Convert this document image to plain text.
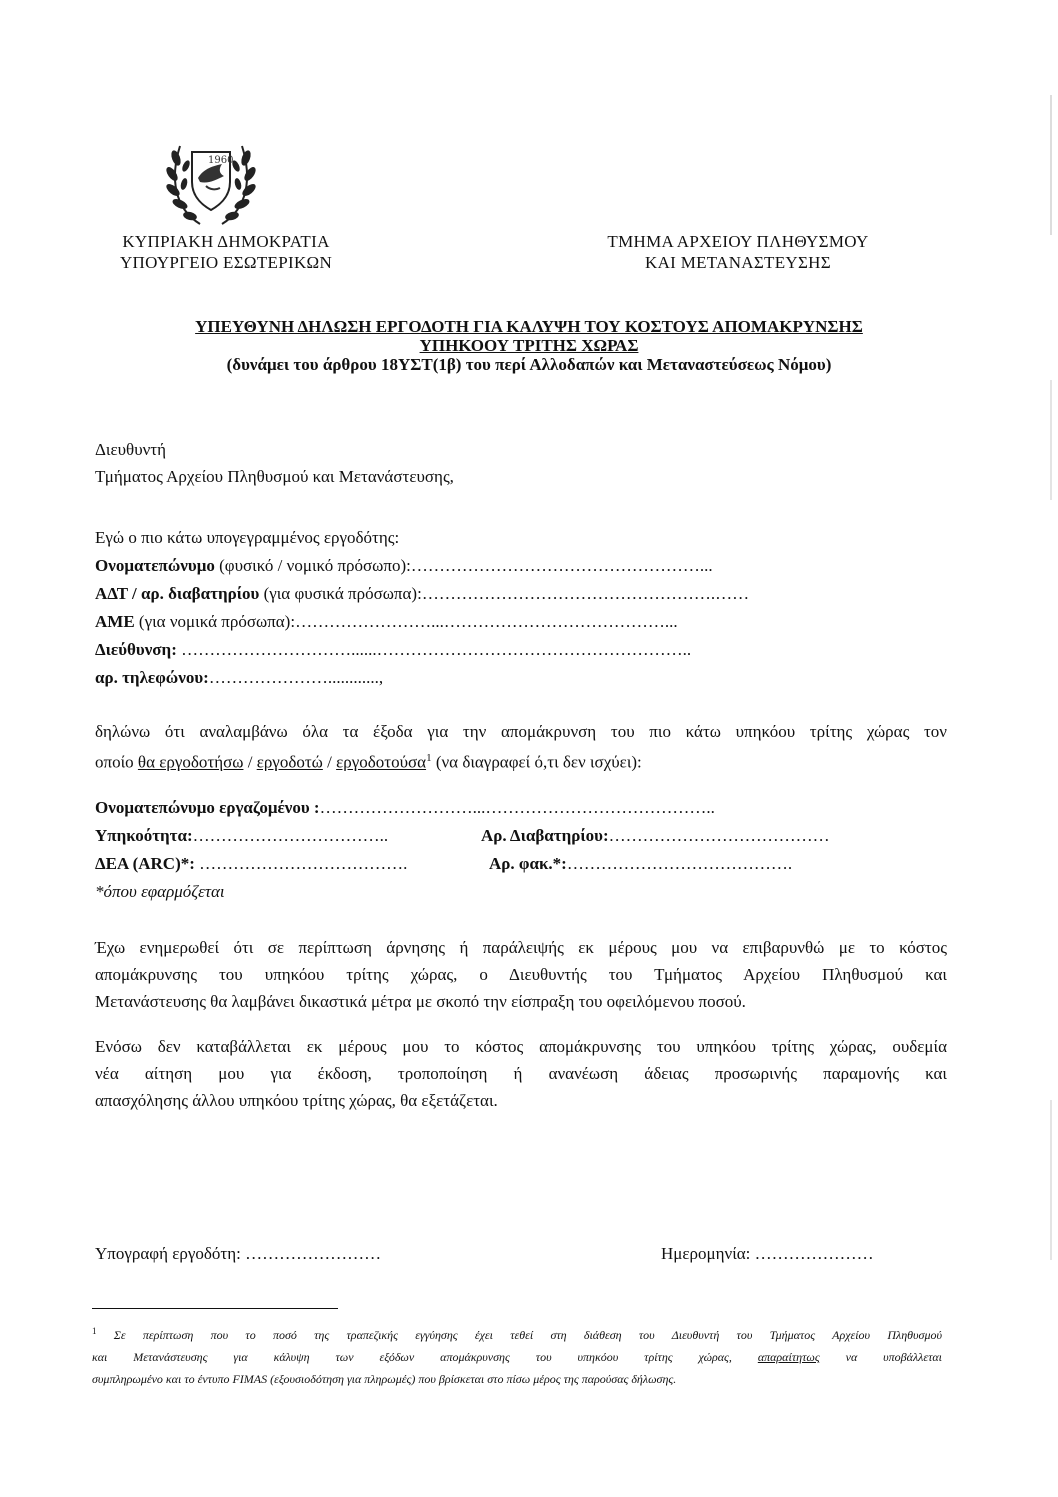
1960
ΚΥΠΡΙΑΚΗ ΔΗΜΟΚΡΑΤΙΑ
ΥΠΟΥΡΓΕΙΟ ΕΣΩΤΕΡΙΚΩΝ
ΤΜΗΜΑ ΑΡΧΕΙΟΥ ΠΛΗΘΥΣΜΟΥ
ΚΑΙ ΜΕΤΑΝΑΣΤΕΥΣΗΣ
ΥΠΕΥΘΥΝΗ ΔΗΛΩΣΗ ΕΡΓΟΔΟΤΗ ΓΙΑ ΚΑΛΥΨΗ ΤΟΥ ΚΟΣΤΟΥΣ ΑΠΟΜΑΚΡΥΝΣΗΣ
ΥΠΗΚΟΟΥ ΤΡΙΤΗΣ ΧΩΡΑΣ
(δυνάμει του άρθρου 18ΥΣΤ(1β) του περί Αλλοδαπών και Μεταναστεύσεως Νόμου)
Διευθυντή
Τμήματος Αρχείου Πληθυσμού και Μετανάστευσης,
Εγώ ο πιο κάτω υπογεγραμμένος εργοδότης:
Ονοματεπώνυμο (φυσικό / νομικό πρόσωπο):……………………………………………...
ΑΔΤ / αρ. διαβατηρίου (για φυσικά πρόσωπα):…………………………………………….……
ΑΜΕ (για νομικά πρόσωπα):……………………...…………………………………...
Διεύθυνση: …………………………......………………………………………………..
αρ. τηλεφώνου:…………………............,
δηλώνω ότι αναλαμβάνω όλα τα έξοδα για την απομάκρυνση του πιο κάτω υπηκόου τρίτης χώρας τον
οποίο θα εργοδοτήσω / εργοδοτώ / εργοδοτούσα$^1$ (να διαγραφεί ό,τι δεν ισχύει):
Ονοματεπώνυμο εργαζομένου :………………………...…………………………………..
Υπηκοότητα:……………………………..	Αρ. Διαβατηρίου:…………………………………
ΔΕΑ (ARC)*: ……………………………….	Αρ. φακ.*:………………………………….
*όπου εφαρμόζεται
Έχω ενημερωθεί ότι σε περίπτωση άρνησης ή παράλειψής εκ μέρους μου να επιβαρυνθώ με το κόστος
απομάκρυνσης του υπηκόου τρίτης χώρας, ο Διευθυντής του Τμήματος Αρχείου Πληθυσμού και
Μετανάστευσης θα λαμβάνει δικαστικά μέτρα με σκοπό την είσπραξη του οφειλόμενου ποσού.
Ενόσω δεν καταβάλλεται εκ μέρους μου το κόστος απομάκρυνσης του υπηκόου τρίτης χώρας, ουδεμία
νέα αίτηση μου για έκδοση, τροποποίηση ή ανανέωση άδειας προσωρινής παραμονής και
απασχόλησης άλλου υπηκόου τρίτης χώρας, θα εξετάζεται.
Υπογραφή εργοδότη: ……………………	Ημερομηνία: …………………
$^1$ Σε περίπτωση που το ποσό της τραπεζικής εγγύησης έχει τεθεί στη διάθεση του Διευθυντή του Τμήματος Αρχείου Πληθυσμού
και Μετανάστευσης για κάλυψη των εξόδων απομάκρυνσης του υπηκόου τρίτης χώρας, απαραίτητως να υποβάλλεται
συμπληρωμένο και το έντυπο FIMAS (εξουσιοδότηση για πληρωμές) που βρίσκεται στο πίσω μέρος της παρούσας δήλωσης.
